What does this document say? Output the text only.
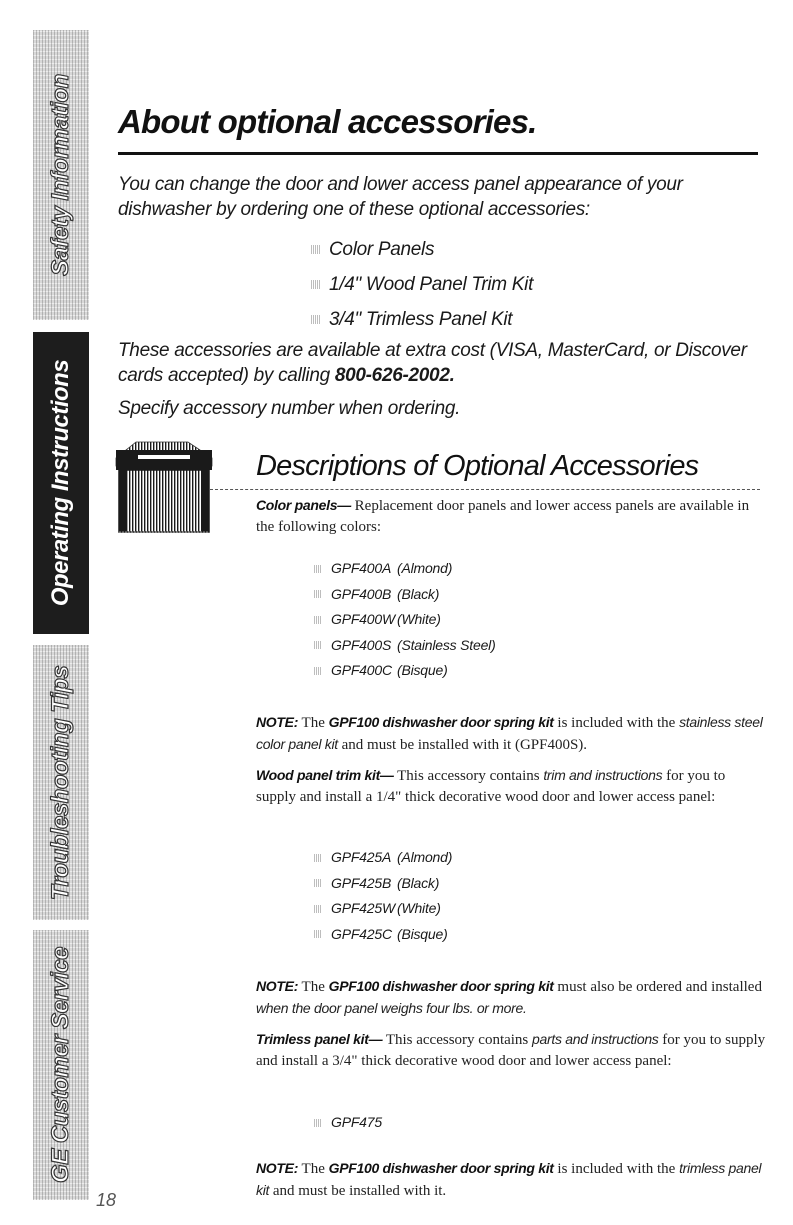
Safety Information
Operating Instructions
Troubleshooting Tips
GE Customer Service
About optional accessories.

You can change the door and lower access panel appearance of your dishwasher by ordering one of these optional accessories:

Color Panels
1/4" Wood Panel Trim Kit
3/4" Trimless Panel Kit

These accessories are available at extra cost (VISA, MasterCard, or Discover cards accepted) by calling 800-626-2002.

Specify accessory number when ordering.

Descriptions of Optional Accessories

Color panels— Replacement door panels and lower access panels are available in the following colors:

GPF400A (Almond)
GPF400B (Black)
GPF400W (White)
GPF400S (Stainless Steel)
GPF400C (Bisque)

NOTE: The GPF100 dishwasher door spring kit is included with the stainless steel color panel kit and must be installed with it (GPF400S).

Wood panel trim kit— This accessory contains trim and instructions for you to supply and install a 1/4" thick decorative wood door and lower access panel:

GPF425A (Almond)
GPF425B (Black)
GPF425W (White)
GPF425C (Bisque)

NOTE: The GPF100 dishwasher door spring kit must also be ordered and installed when the door panel weighs four lbs. or more.

Trimless panel kit— This accessory contains parts and instructions for you to supply and install a 3/4" thick decorative wood door and lower access panel:

GPF475

NOTE: The GPF100 dishwasher door spring kit is included with the trimless panel kit and must be installed with it.

18
